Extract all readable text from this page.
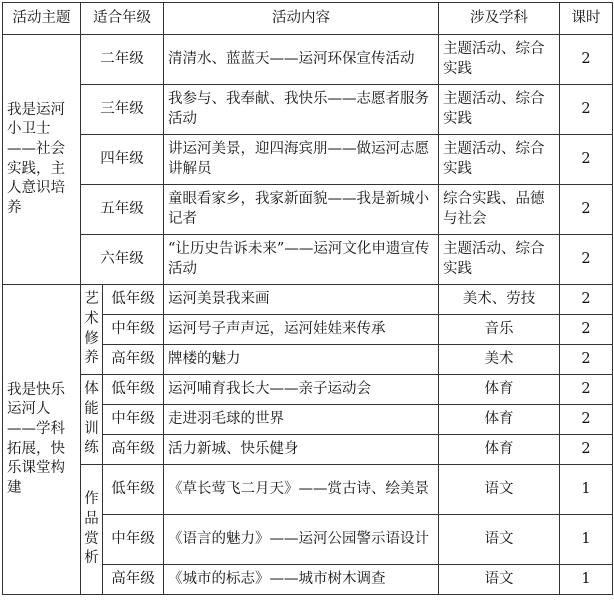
活动主题	适合年级		活动内容	涉及学科	课时
我是运河小卫士——社会实践，主人意识培养	二年级		清清水、蓝蓝天——运河环保宣传活动	主题活动、综合实践	2
	三年级		我参与、我奉献、我快乐——志愿者服务活动	主题活动、综合实践	2
	四年级		讲运河美景，迎四海宾朋——做运河志愿讲解员	主题活动、综合实践	2
	五年级		童眼看家乡，我家新面貌——我是新城小记者	综合实践、品德与社会	2
	六年级		“让历史告诉未来”——运河文化申遗宣传活动	主题活动、综合实践	2
我是快乐运河人——学科拓展，快乐课堂构建	艺术修养	低年级	运河美景我来画	美术、劳技	2
		中年级	运河号子声声远，运河娃娃来传承	音乐	2
		高年级	牌楼的魅力	美术	2
	体能训练	低年级	运河哺育我长大——亲子运动会	体育	2
		中年级	走进羽毛球的世界	体育	2
		高年级	活力新城、快乐健身	体育	2
	作品赏析	低年级	《草长莺飞二月天》——赏古诗、绘美景	语文	1
		中年级	《语言的魅力》——运河公园警示语设计	语文	1
		高年级	《城市的标志》——城市树木调查	语文	1
